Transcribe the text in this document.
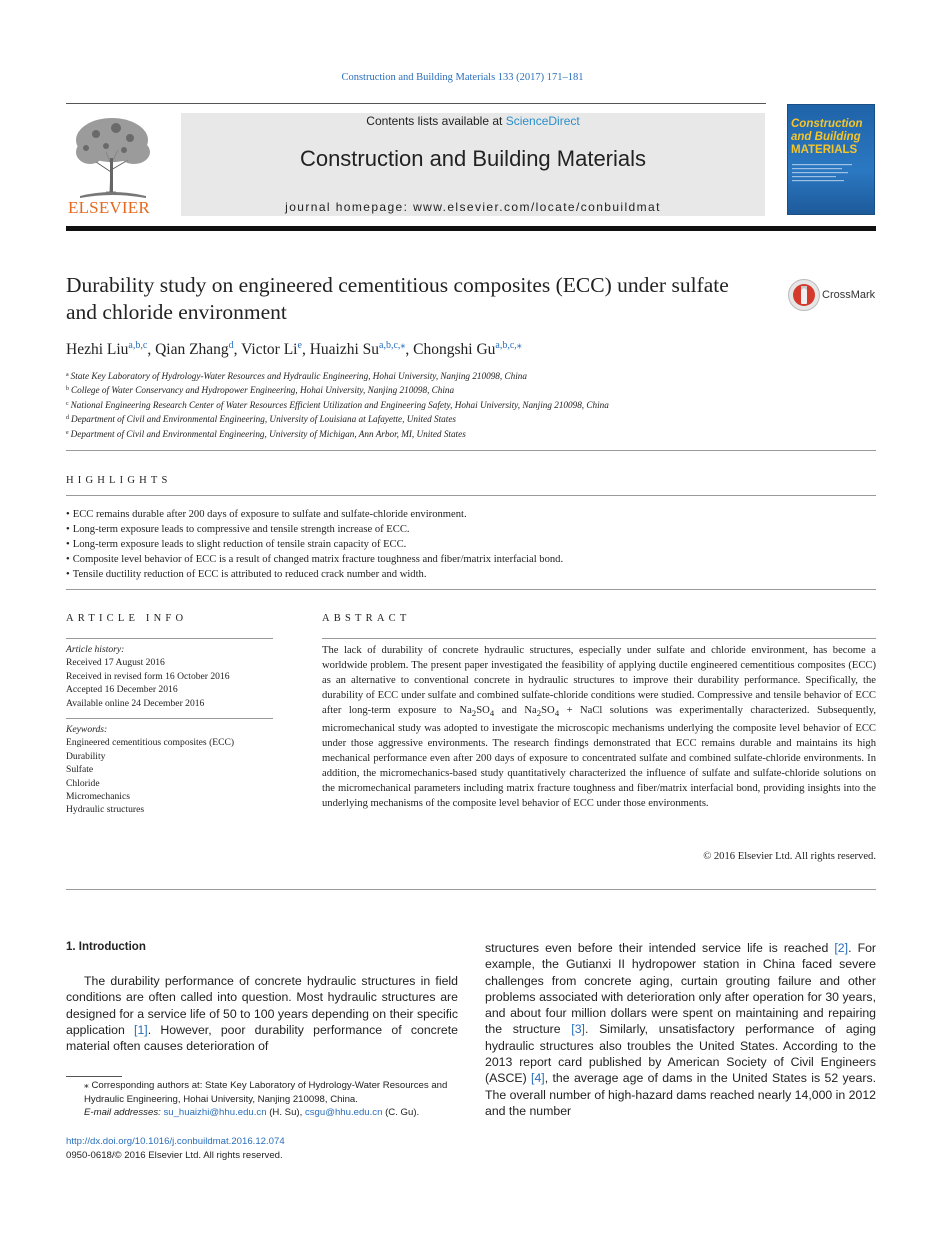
Construction and Building Materials 133 (2017) 171–181
ELSEVIER
Contents lists available at ScienceDirect
Construction and Building Materials
journal homepage: www.elsevier.com/locate/conbuildmat
Construction
and Building
MATERIALS
Durability study on engineered cementitious composites (ECC) under sulfate and chloride environment
CrossMark
Hezhi Liu$^{a,b,c}$, Qian Zhang$^d$, Victor Li$^e$, Huaizhi $Su^{a,b,c,⁎}$, Chongshi $Gu^{a,b,c,⁎}$
$^a$ State Key Laboratory of Hydrology-Water Resources and Hydraulic Engineering, Hohai University, Nanjing 210098, China
$^b$ College of Water Conservancy and Hydropower Engineering, Hohai University, Nanjing 210098, China
$^c$ National Engineering Research Center of Water Resources Efficient Utilization and Engineering Safety, Hohai University, Nanjing 210098, China
$^d$ Department of Civil and Environmental Engineering, University of Louisiana at Lafayette, United States
$^e$ Department of Civil and Environmental Engineering, University of Michigan, Ann Arbor, MI, United States
HIGHLIGHTS
• ECC remains durable after 200 days of exposure to sulfate and sulfate-chloride environment.
• Long-term exposure leads to compressive and tensile strength increase of ECC.
• Long-term exposure leads to slight reduction of tensile strain capacity of ECC.
• Composite level behavior of ECC is a result of changed matrix fracture toughness and fiber/matrix interfacial bond.
• Tensile ductility reduction of ECC is attributed to reduced crack number and width.
ARTICLE INFO
Article history:
Received 17 August 2016
Received in revised form 16 October 2016
Accepted 16 December 2016
Available online 24 December 2016
Keywords:
Engineered cementitious composites (ECC)
Durability
Sulfate
Chloride
Micromechanics
Hydraulic structures
ABSTRACT
The lack of durability of concrete hydraulic structures, especially under sulfate and chloride environment, has become a worldwide problem. The present paper investigated the feasibility of applying ductile engineered cementitious composites (ECC) as an alternative to conventional concrete in hydraulic structures to improve their durability performance. Specifically, the durability of ECC under sulfate and combined sulfate-chloride conditions were studied. Compressive and tensile behavior of ECC after long-term exposure to $Na_2SO_4$ and $Na_2SO_4$ + NaCl solutions was experimentally characterized. Subsequently, micromechanical study was adopted to investigate the microscopic mechanisms underlying the composite level behavior of ECC under those aggressive environments. The research findings demonstrated that ECC remains durable and maintains its high mechanical performance even after 200 days of exposure to concentrated sulfate and combined sulfate-chloride environments. In addition, the micromechanics-based study quantitatively characterized the influence of sulfate and sulfate-chloride solutions on the micromechanical parameters including matrix fracture toughness and fiber/matrix interfacial bond, providing insights into the underlying mechanisms of the composite level behavior of ECC under those environments.
© 2016 Elsevier Ltd. All rights reserved.
1. Introduction
The durability performance of concrete hydraulic structures in field conditions are often called into question. Most hydraulic structures are designed for a service life of 50 to 100 years depending on their specific application [1]. However, poor durability performance of concrete material often causes deterioration of
structures even before their intended service life is reached [2]. For example, the Gutianxi II hydropower station in China faced severe challenges from concrete aging, curtain grouting failure and other problems associated with deterioration only after operation for 30 years, and about four million dollars were spent on maintaining and repairing the structure [3]. Similarly, unsatisfactory performance of aging hydraulic structures also troubles the United States. According to the 2013 report card published by American Society of Civil Engineers (ASCE) [4], the average age of dams in the United States is 52 years. The overall number of high-hazard dams reached nearly 14,000 in 2012 and the number
⁎ Corresponding authors at: State Key Laboratory of Hydrology-Water Resources and Hydraulic Engineering, Hohai University, Nanjing 210098, China.
E-mail addresses: su_huaizhi@hhu.edu.cn (H. Su), csgu@hhu.edu.cn (C. Gu).
http://dx.doi.org/10.1016/j.conbuildmat.2016.12.074
0950-0618/© 2016 Elsevier Ltd. All rights reserved.
